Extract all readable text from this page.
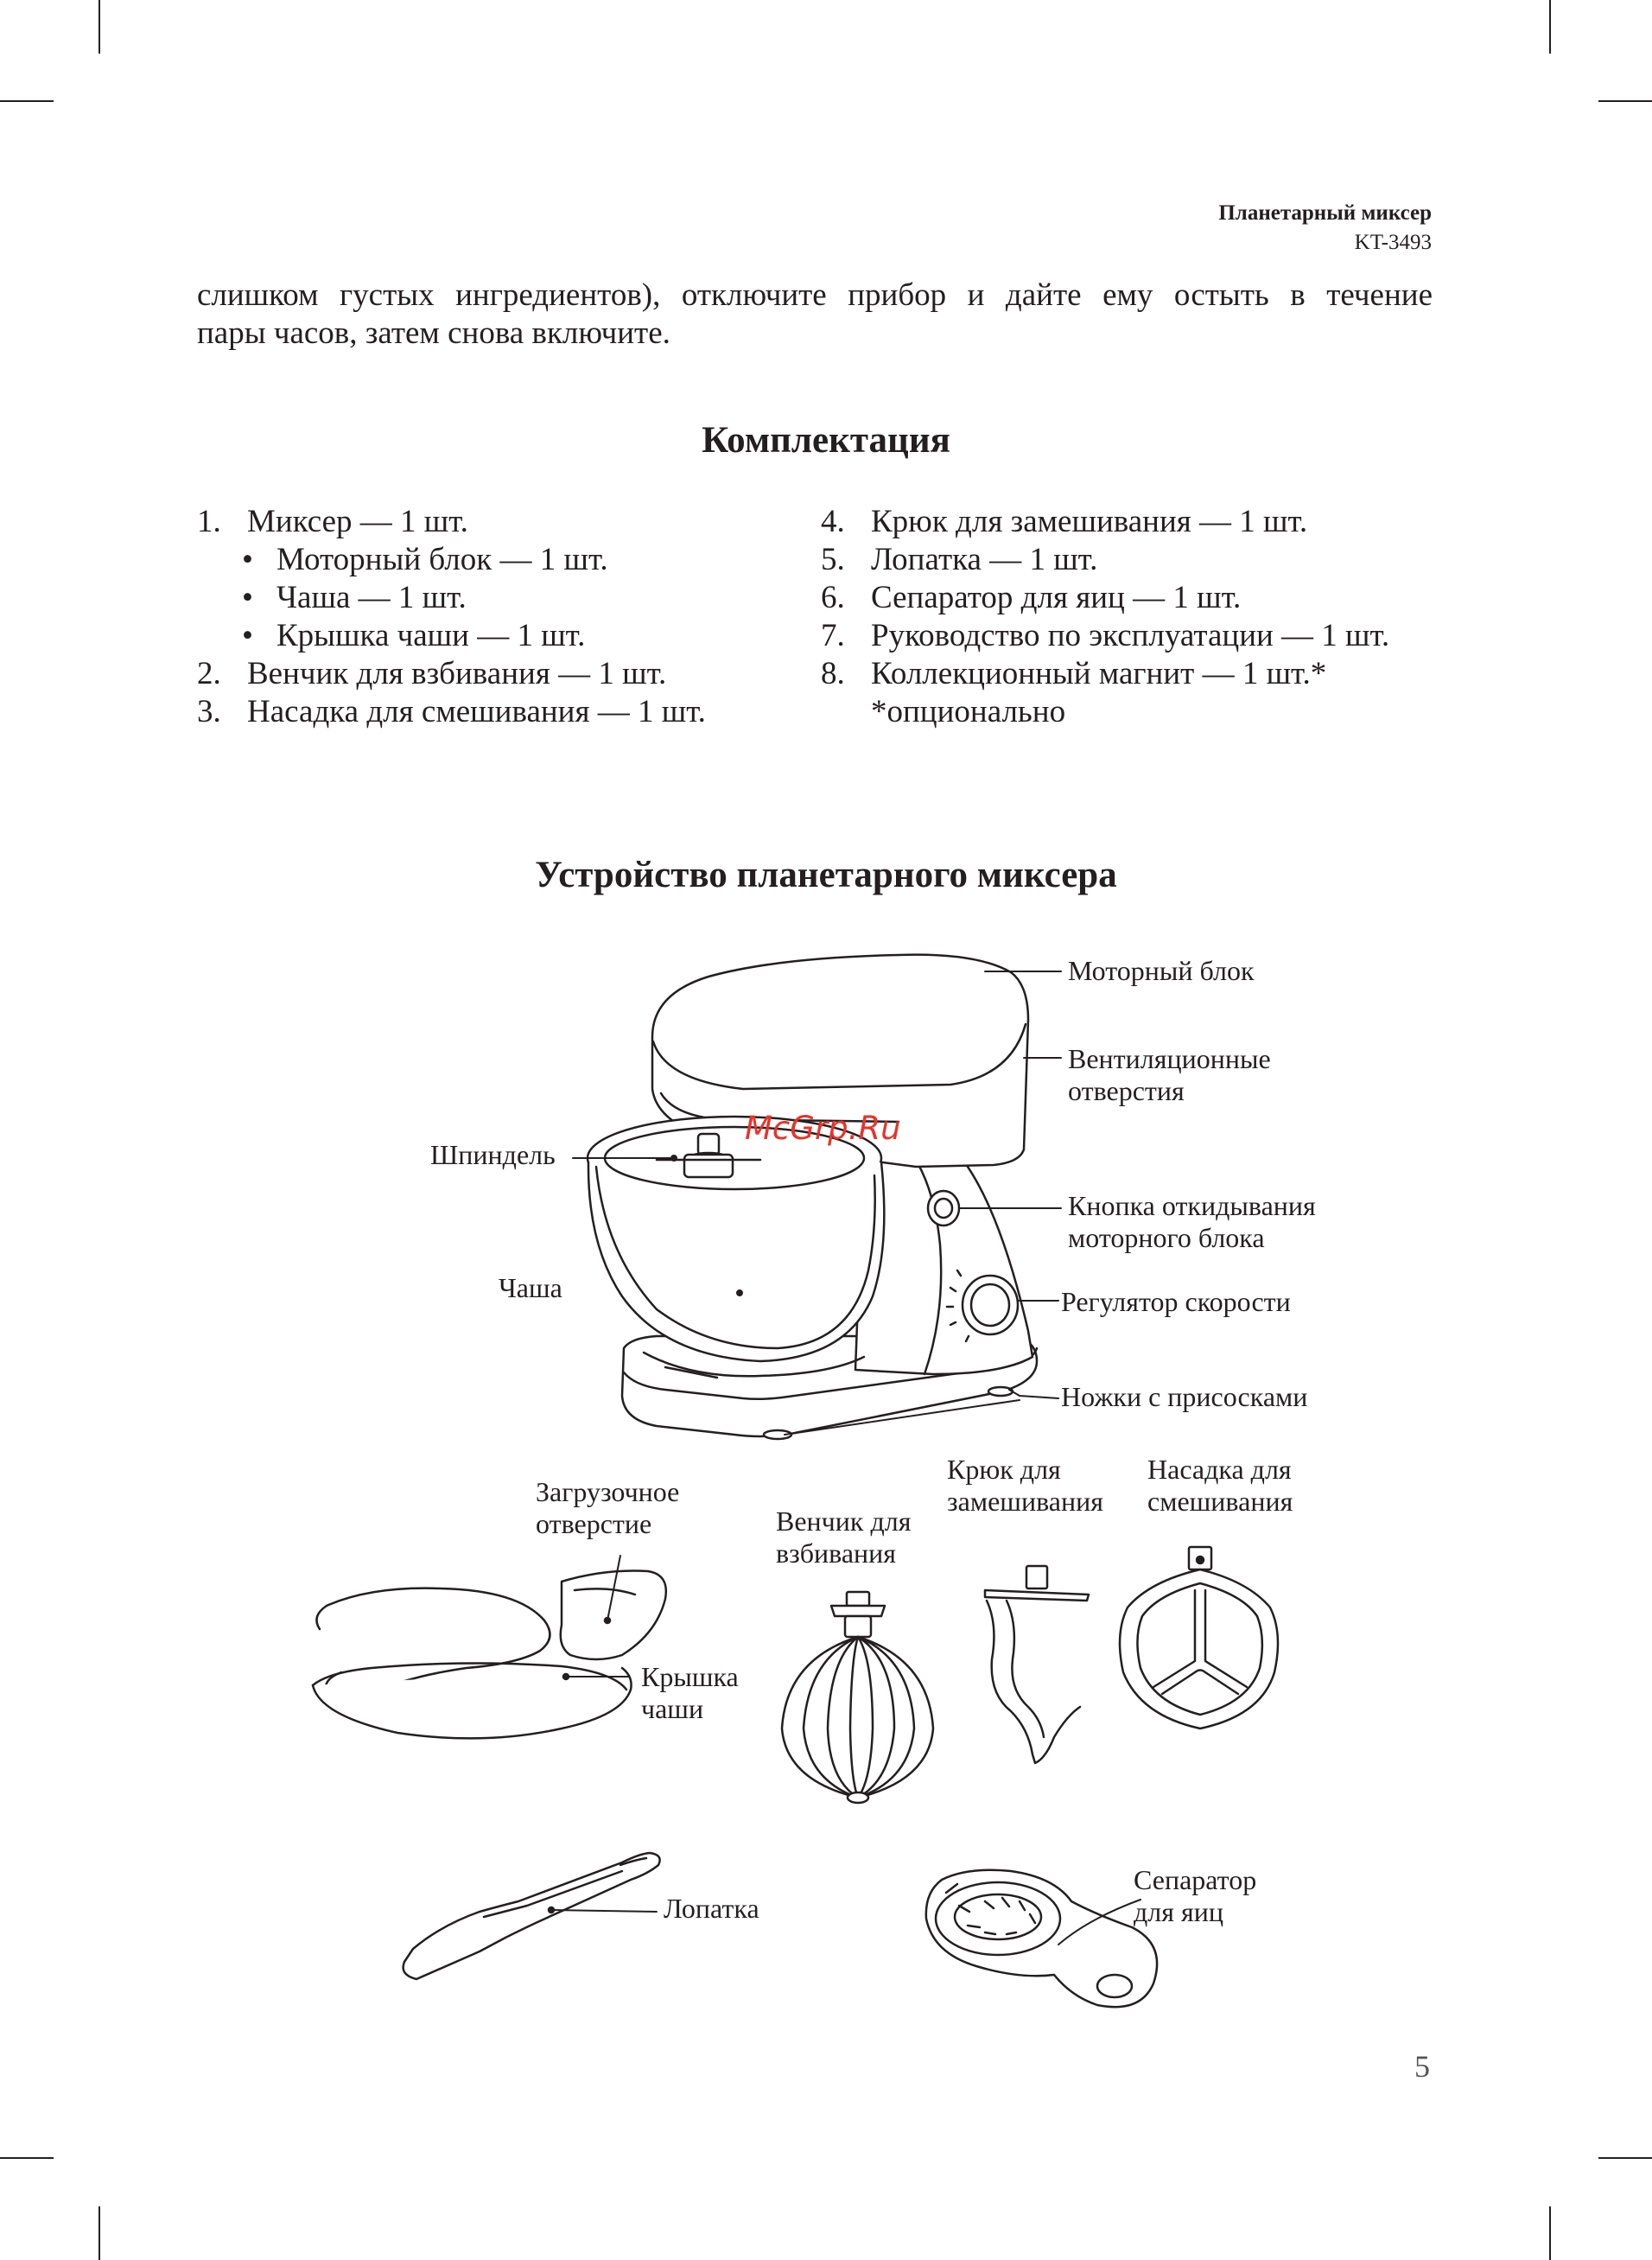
Планетарный миксер
KT-3493
слишком густых ингредиентов), отключите прибор и дайте ему остыть в течение
пары часов, затем снова включите.
Комплектация
1. Миксер — 1 шт.
• Моторный блок — 1 шт.
• Чаша — 1 шт.
• Крышка чаши — 1 шт.
2. Венчик для взбивания — 1 шт.
3. Насадка для смешивания — 1 шт.
4. Крюк для замешивания — 1 шт.
5. Лопатка — 1 шт.
6. Сепаратор для яиц — 1 шт.
7. Руководство по эксплуатации — 1 шт.
8. Коллекционный магнит — 1 шт.*
*опционально
Устройство планетарного миксера
Моторный блок
Вентиляционные
отверстия
Шпиндель
Кнопка откидывания
моторного блока
Чаша	Регулятор скорости
Ножки с присосками
Загрузочное
отверстие	Венчик для
взбивания
Крюк для
замешивания
Насадка для
смешивания
Крышка
чаши
Лопатка
Сепаратор
для яиц
McGrp.Ru
5
